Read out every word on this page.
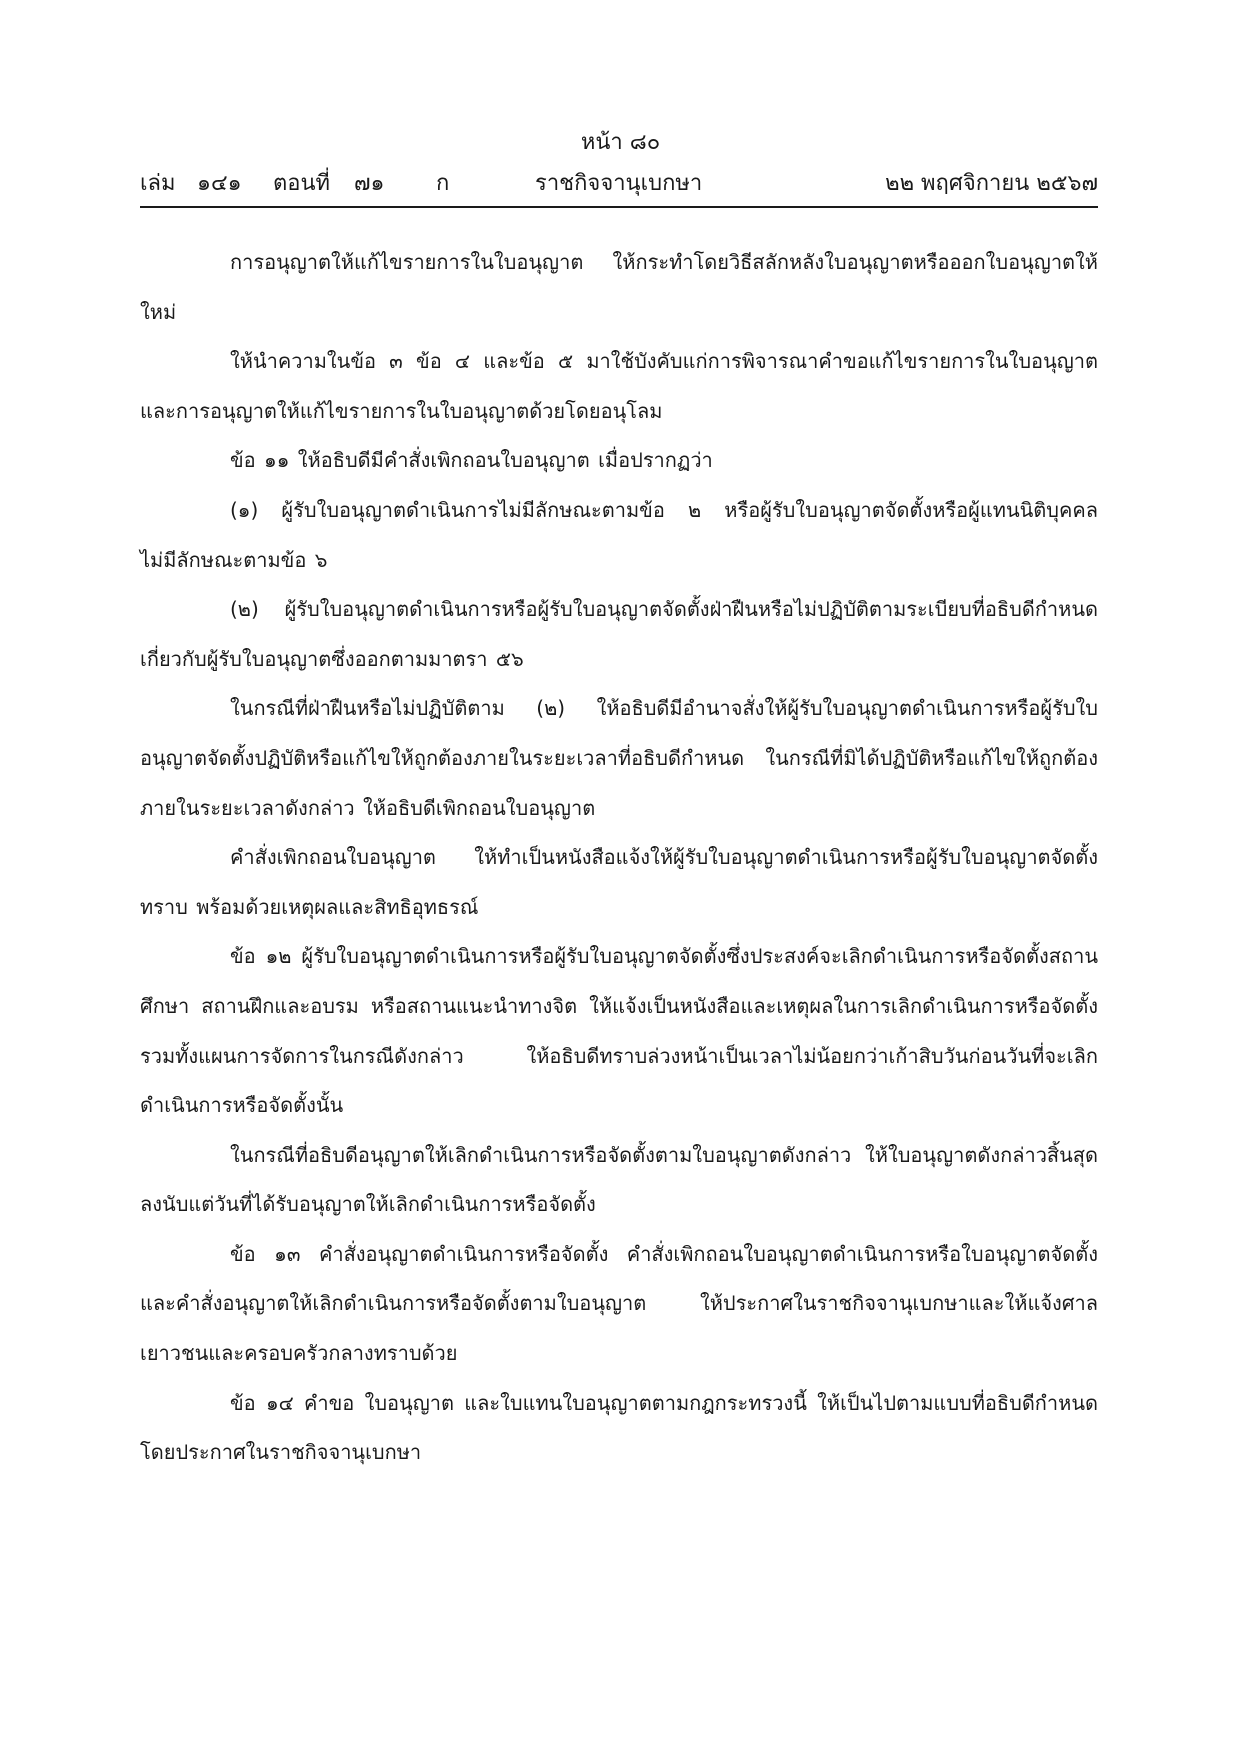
หน้า ๘๐
เล่ม ๑๔๑ ตอนที่ ๗๑ ก	ราชกิจจานุเบกษา	๒๒ พฤศจิกายน ๒๕๖๗

การอนุญาตให้แก้ไขรายการในใบอนุญาต ให้กระทำโดยวิธีสลักหลังใบอนุญาตหรือออกใบอนุญาตให้ใหม่

ให้นำความในข้อ ๓ ข้อ ๔ และข้อ ๕ มาใช้บังคับแก่การพิจารณาคำขอแก้ไขรายการในใบอนุญาตและการอนุญาตให้แก้ไขรายการในใบอนุญาตด้วยโดยอนุโลม

ข้อ ๑๑ ให้อธิบดีมีคำสั่งเพิกถอนใบอนุญาต เมื่อปรากฏว่า

(๑) ผู้รับใบอนุญาตดำเนินการไม่มีลักษณะตามข้อ ๒ หรือผู้รับใบอนุญาตจัดตั้งหรือผู้แทนนิติบุคคล ไม่มีลักษณะตามข้อ ๖

(๒) ผู้รับใบอนุญาตดำเนินการหรือผู้รับใบอนุญาตจัดตั้งฝ่าฝืนหรือไม่ปฏิบัติตามระเบียบที่อธิบดีกำหนดเกี่ยวกับผู้รับใบอนุญาตซึ่งออกตามมาตรา ๕๖

ในกรณีที่ฝ่าฝืนหรือไม่ปฏิบัติตาม (๒) ให้อธิบดีมีอำนาจสั่งให้ผู้รับใบอนุญาตดำเนินการหรือผู้รับใบอนุญาตจัดตั้งปฏิบัติหรือแก้ไขให้ถูกต้องภายในระยะเวลาที่อธิบดีกำหนด ในกรณีที่มิได้ปฏิบัติหรือแก้ไขให้ถูกต้องภายในระยะเวลาดังกล่าว ให้อธิบดีเพิกถอนใบอนุญาต

คำสั่งเพิกถอนใบอนุญาต ให้ทำเป็นหนังสือแจ้งให้ผู้รับใบอนุญาตดำเนินการหรือผู้รับใบอนุญาตจัดตั้งทราบ พร้อมด้วยเหตุผลและสิทธิอุทธรณ์

ข้อ ๑๒ ผู้รับใบอนุญาตดำเนินการหรือผู้รับใบอนุญาตจัดตั้งซึ่งประสงค์จะเลิกดำเนินการหรือจัดตั้งสถานศึกษา สถานฝึกและอบรม หรือสถานแนะนำทางจิต ให้แจ้งเป็นหนังสือและเหตุผลในการเลิกดำเนินการหรือจัดตั้ง รวมทั้งแผนการจัดการในกรณีดังกล่าว ให้อธิบดีทราบล่วงหน้าเป็นเวลาไม่น้อยกว่าเก้าสิบวันก่อนวันที่จะเลิกดำเนินการหรือจัดตั้งนั้น

ในกรณีที่อธิบดีอนุญาตให้เลิกดำเนินการหรือจัดตั้งตามใบอนุญาตดังกล่าว ให้ใบอนุญาตดังกล่าวสิ้นสุดลงนับแต่วันที่ได้รับอนุญาตให้เลิกดำเนินการหรือจัดตั้ง

ข้อ ๑๓ คำสั่งอนุญาตดำเนินการหรือจัดตั้ง คำสั่งเพิกถอนใบอนุญาตดำเนินการหรือใบอนุญาตจัดตั้ง และคำสั่งอนุญาตให้เลิกดำเนินการหรือจัดตั้งตามใบอนุญาต ให้ประกาศในราชกิจจานุเบกษาและให้แจ้งศาลเยาวชนและครอบครัวกลางทราบด้วย

ข้อ ๑๔ คำขอ ใบอนุญาต และใบแทนใบอนุญาตตามกฎกระทรวงนี้ ให้เป็นไปตามแบบที่อธิบดีกำหนดโดยประกาศในราชกิจจานุเบกษา
